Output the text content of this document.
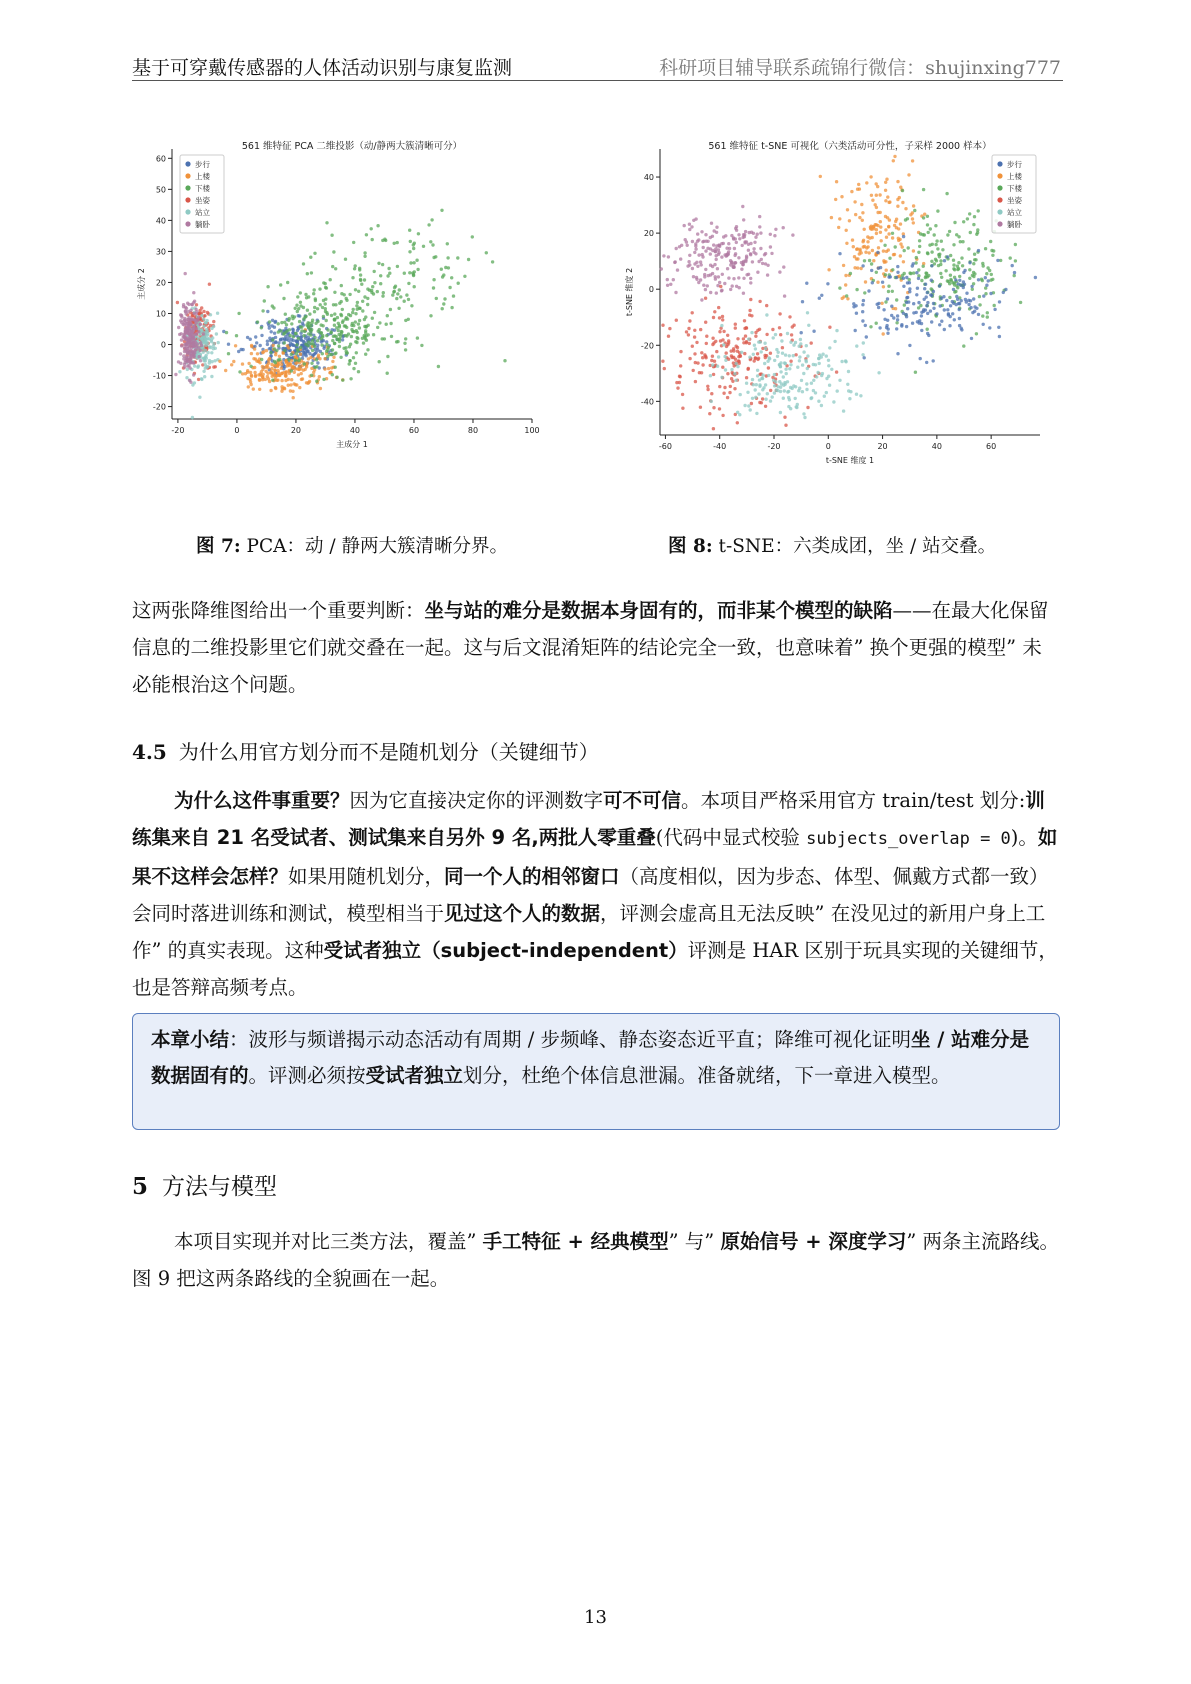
基于可穿戴传感器的人体活动识别与康复监测	科研项目辅导联系疏锦行微信：shujinxing777
561 维特征 PCA 二维投影（动/静两大簇清晰可分）
-20	0	20	40	60	80	100
-20
-10
0
10
20
30
40
50
60
主成分 1
主成分 2
步行
上楼
下楼
坐姿
站立
躺卧
图 7: PCA：动 / 静两大簇清晰分界。
561 维特征 t-SNE 可视化（六类活动可分性，子采样 2000 样本）
-60	-40	-20	0	20	40	60
-40
-20
0
20
40
t-SNE 维度 1
t-SNE 维度 2
步行
上楼
下楼
坐姿
站立
躺卧
图 8: t-SNE：六类成团，坐 / 站交叠。
这两张降维图给出一个重要判断：坐与站的难分是数据本身固有的，而非某个模型的缺陷——在最大化保留信息的二维投影里它们就交叠在一起。这与后文混淆矩阵的结论完全一致，也意味着” 换个更强的模型” 未必能根治这个问题。
4.5 为什么用官方划分而不是随机划分（关键细节）
为什么这件事重要？因为它直接决定你的评测数字可不可信。本项目严格采用官方 train/test 划分:训练集来自 21 名受试者、测试集来自另外 9 名,两批人零重叠(代码中显式校验 subjects_overlap = 0)。如果不这样会怎样？如果用随机划分，同一个人的相邻窗口（高度相似，因为步态、体型、佩戴方式都一致）会同时落进训练和测试，模型相当于见过这个人的数据，评测会虚高且无法反映” 在没见过的新用户身上工作” 的真实表现。这种受试者独立（subject-independent）评测是 HAR 区别于玩具实现的关键细节，也是答辩高频考点。
本章小结：波形与频谱揭示动态活动有周期 / 步频峰、静态姿态近平直；降维可视化证明坐 / 站难分是数据固有的。评测必须按受试者独立划分，杜绝个体信息泄漏。准备就绪，下一章进入模型。
5 方法与模型
本项目实现并对比三类方法，覆盖” 手工特征 + 经典模型” 与” 原始信号 + 深度学习” 两条主流路线。图 9 把这两条路线的全貌画在一起。
13
